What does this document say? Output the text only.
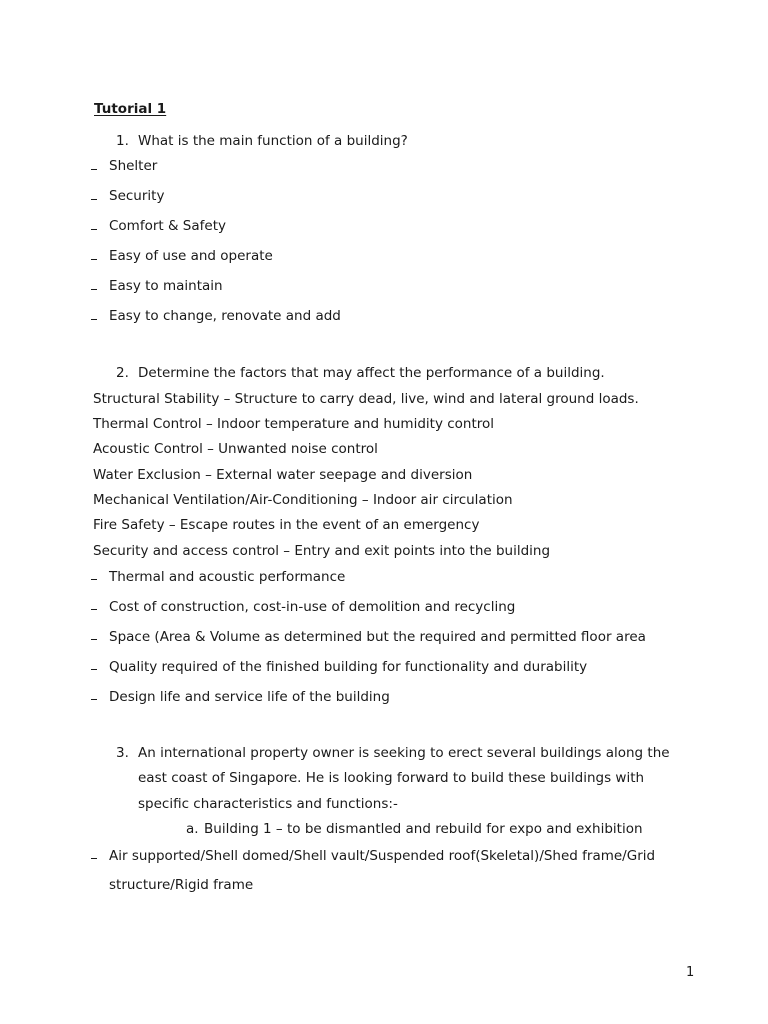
Tutorial 1

1. What is the main function of a building?

Shelter

Security

Comfort & Safety

Easy of use and operate

Easy to maintain

Easy to change, renovate and add

2. Determine the factors that may affect the performance of a building.

Structural Stability – Structure to carry dead, live, wind and lateral ground loads.

Thermal Control – Indoor temperature and humidity control

Acoustic Control – Unwanted noise control

Water Exclusion – External water seepage and diversion

Mechanical Ventilation/Air-Conditioning – Indoor air circulation

Fire Safety – Escape routes in the event of an emergency

Security and access control – Entry and exit points into the building

Thermal and acoustic performance

Cost of construction, cost-in-use of demolition and recycling

Space (Area & Volume as determined but the required and permitted floor area

Quality required of the finished building for functionality and durability

Design life and service life of the building

3. An international property owner is seeking to erect several buildings along the

east coast of Singapore. He is looking forward to build these buildings with

specific characteristics and functions:-

a. Building 1 – to be dismantled and rebuild for expo and exhibition

Air supported/Shell domed/Shell vault/Suspended roof(Skeletal)/Shed frame/Grid

structure/Rigid frame

1
